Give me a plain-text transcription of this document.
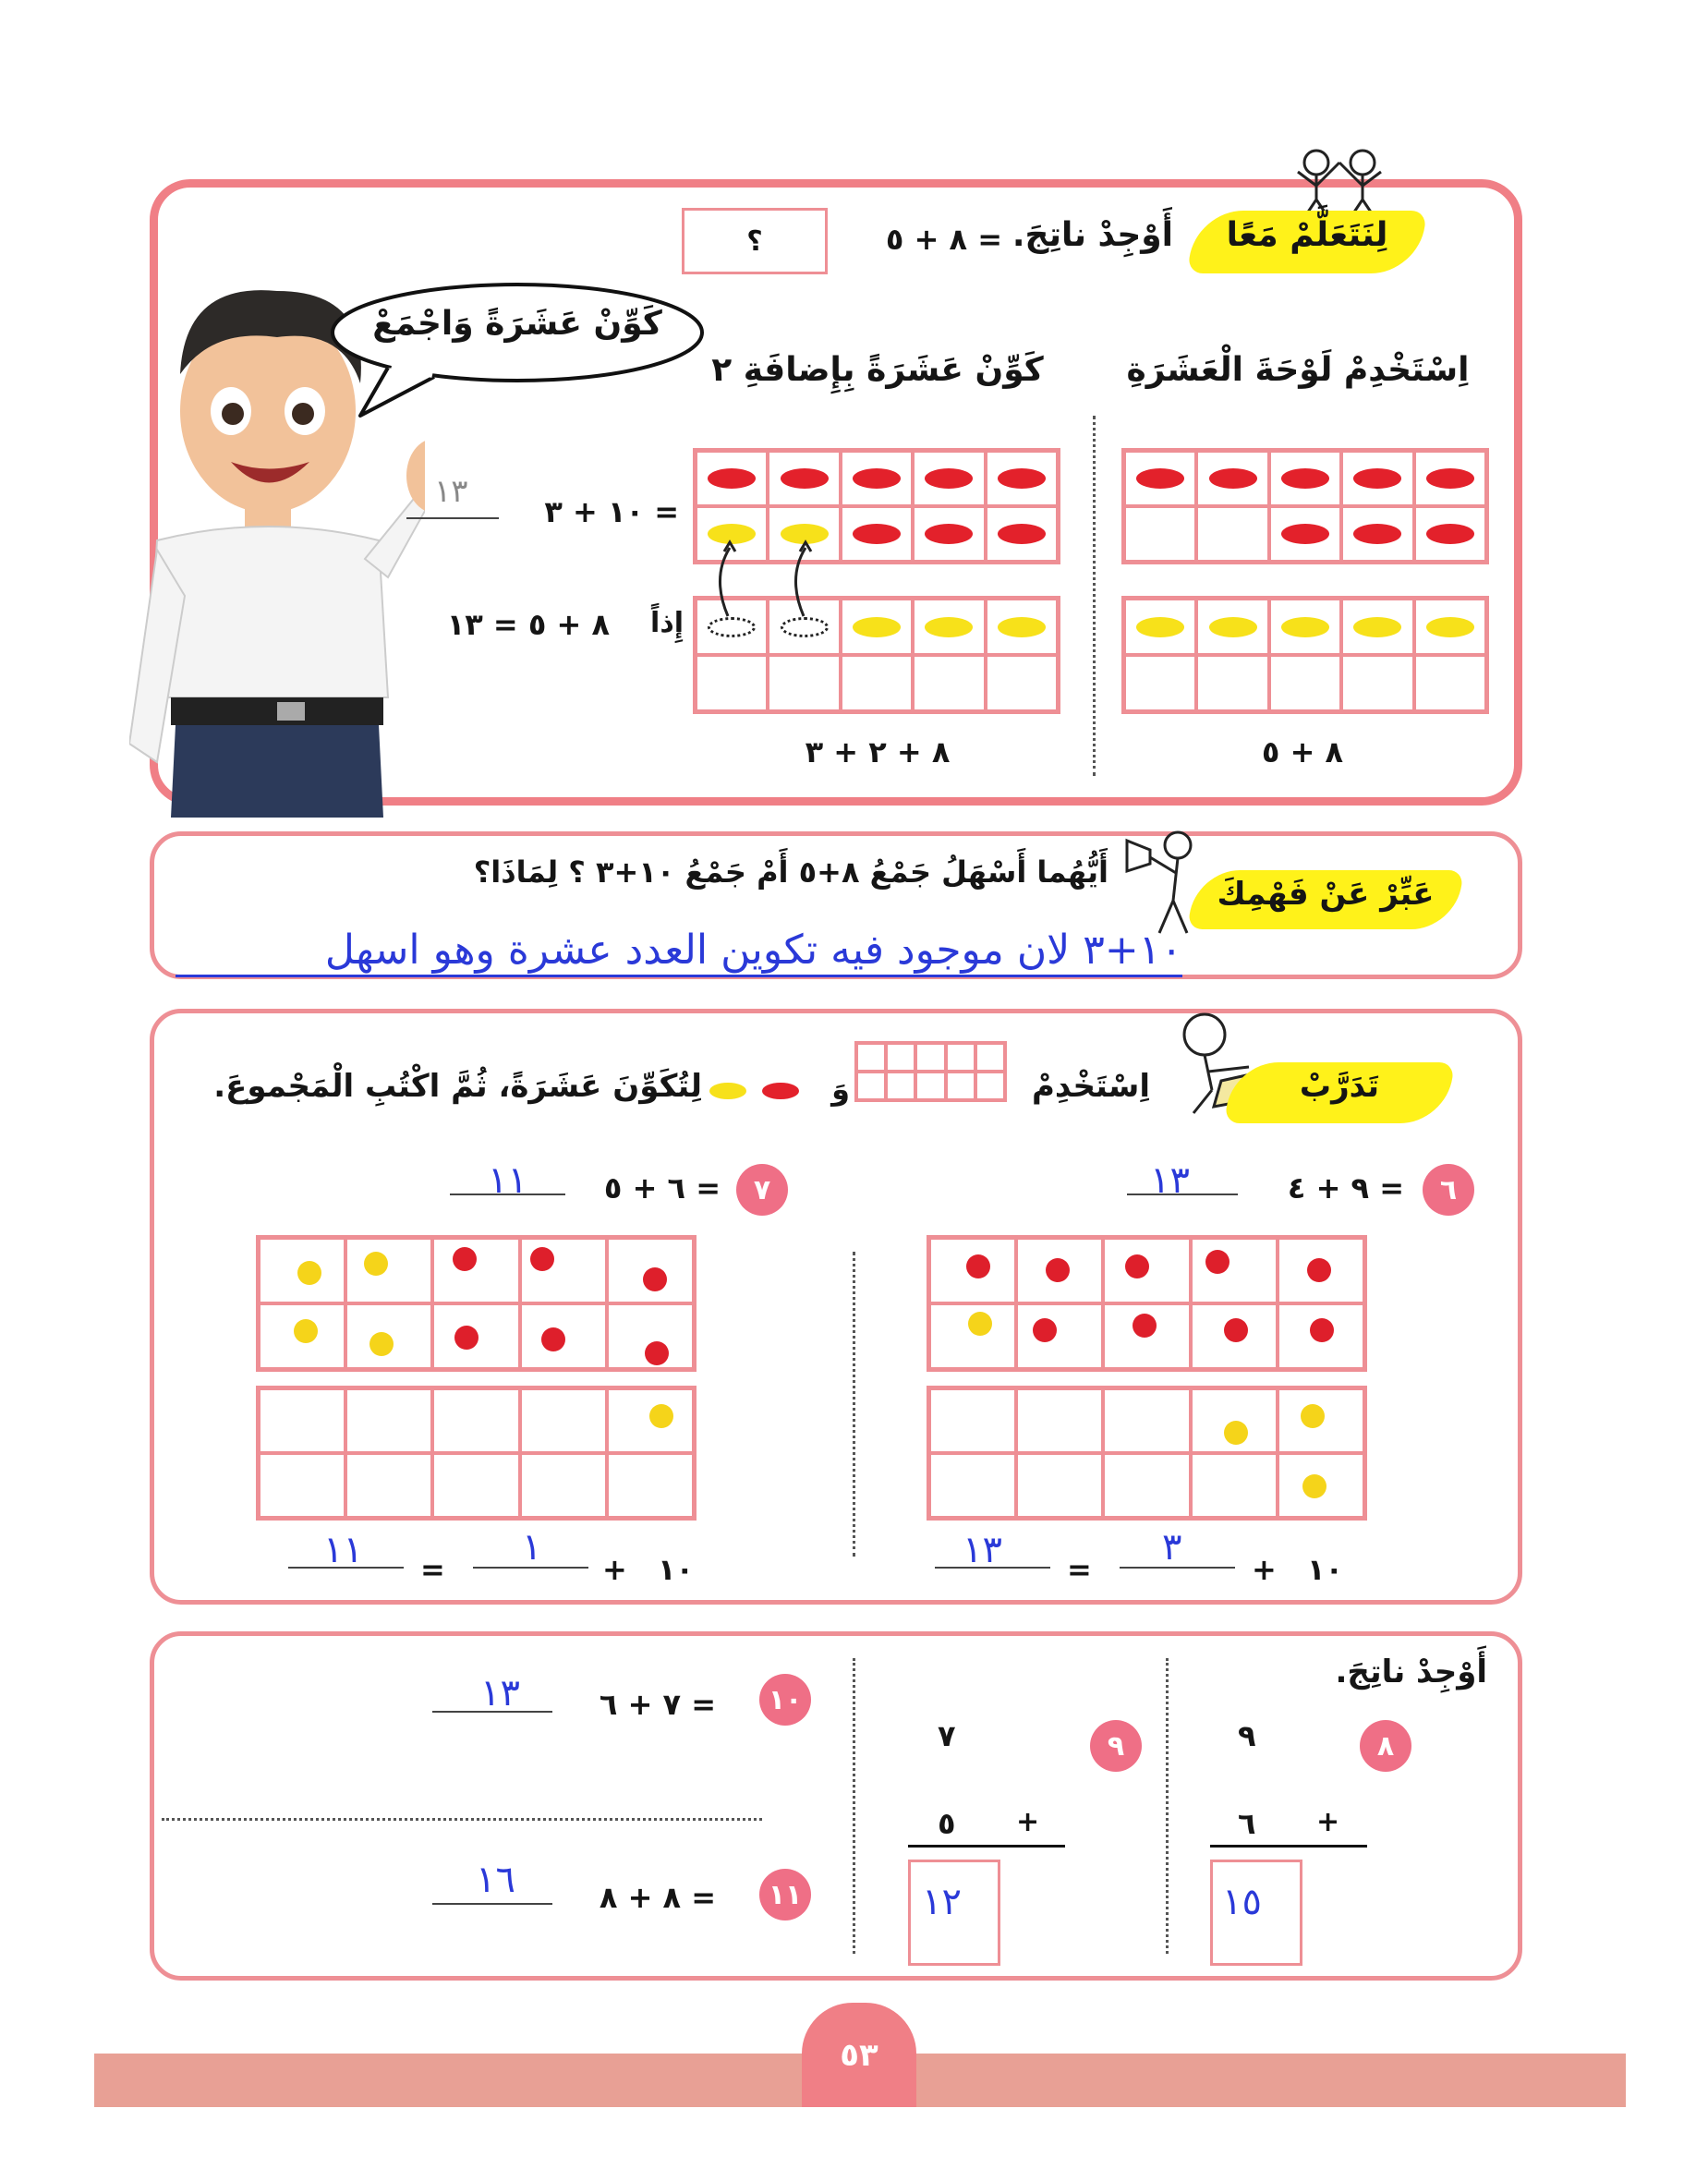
لِنَتَعَلَّمْ مَعًا
أَوْجِدْ ناتِجَ.
٨ + ٥ =
؟
كَوِّنْ عَشَرَةً وَاجْمَعْ
اِسْتَخْدِمْ لَوْحَةَ الْعَشَرَةِ
كَوِّنْ عَشَرَةً بِإِضافَةِ ٢
٨ + ٥
٨ + ٢ + ٣
١٠ + ٣ =
١٣
إِذاً
٨ + ٥ = ١٣
عَبِّرْ عَنْ فَهْمِكَ
أَيُّهُما أَسْهَلُ جَمْعُ ٨+٥ أَمْ جَمْعُ ١٠+٣ ؟ لِمَاذَا؟
١٠+٣ لان موجود فيه تكوين العدد عشرة وهو اسهل
تَدَرَّبْ
اِسْتَخْدِمْ
وَ
لِتُكَوِّنَ عَشَرَةً، ثُمَّ اكْتُبِ الْمَجْموعَ.
٦
٩ + ٤ =
١٣
١٠
+
٣
=
١٣
٧
٦ + ٥ =
١١
١٠
+
١
=
١١
أَوْجِدْ ناتِجَ.
٨
٩
+
٦
١٥
٩
٧
+
٥
١٢
١٠
٧ + ٦ =
١٣
١١
٨ + ٨ =
١٦
٥٣
